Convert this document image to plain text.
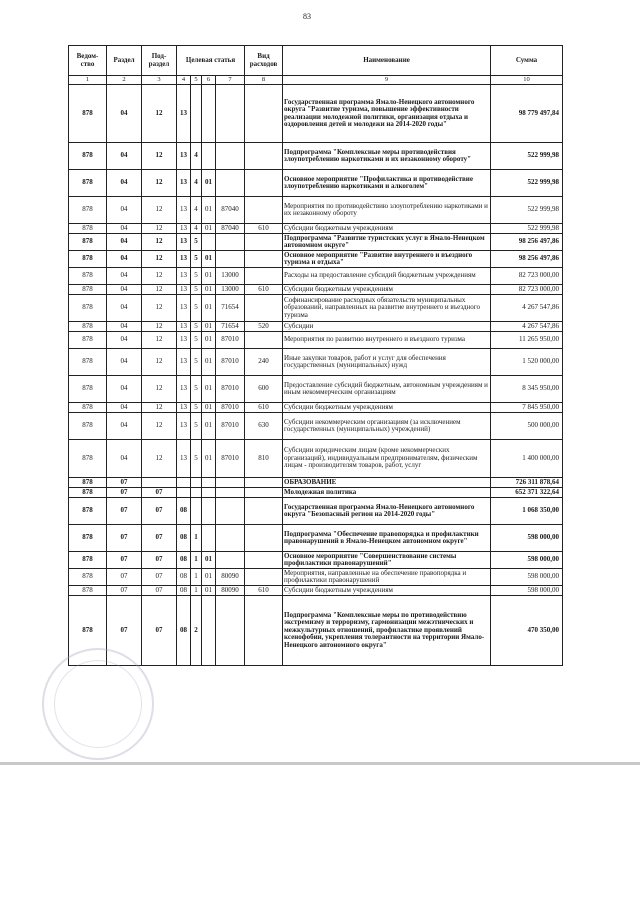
83
Ведом-ство	Раздел	Под-раздел	Целевая статья				Вид расходов	Наименование	Сумма
1	2	3	4	5	6	7	8	9	10
878	04	12	13					Государственная программа Ямало-Ненецкого автономного округа "Развитие туризма, повышение эффективности реализации молодежной политики, организация отдыха и оздоровления детей и молодежи на 2014-2020 годы"	98 779 497,84
878	04	12	13	4				Подпрограмма "Комплексные меры противодействия злоупотреблению наркотиками и их незаконному обороту"	522 999,98
878	04	12	13	4	01			Основное мероприятие "Профилактика и противодействие злоупотреблению наркотиками и алкоголем"	522 999,98
878	04	12	13	4	01	87040		Мероприятия по противодействию злоупотреблению наркотиками и их незаконному обороту	522 999,98
878	04	12	13	4	01	87040	610	Субсидии бюджетным учреждениям	522 999,98
878	04	12	13	5				Подпрограмма "Развитие туристских услуг в Ямало-Ненецком автономном округе"	98 256 497,86
878	04	12	13	5	01			Основное мероприятие "Развитие внутреннего и въездного туризма и отдыха"	98 256 497,86
878	04	12	13	5	01	13000		Расходы на предоставление субсидий бюджетным учреждениям	82 723 000,00
878	04	12	13	5	01	13000	610	Субсидии бюджетным учреждениям	82 723 000,00
878	04	12	13	5	01	71654		Софинансирование расходных обязательств муниципальных образований, направленных на развитие внутреннего и въездного туризма	4 267 547,86
878	04	12	13	5	01	71654	520	Субсидии	4 267 547,86
878	04	12	13	5	01	87010		Мероприятия по развитию внутреннего и въездного туризма	11 265 950,00
878	04	12	13	5	01	87010	240	Иные закупки товаров, работ и услуг для обеспечения государственных (муниципальных) нужд	1 520 000,00
878	04	12	13	5	01	87010	600	Предоставление субсидий бюджетным, автономным учреждениям и иным некоммерческим организациям	8 345 950,00
878	04	12	13	5	01	87010	610	Субсидии бюджетным учреждениям	7 845 950,00
878	04	12	13	5	01	87010	630	Субсидии некоммерческим организациям (за исключением государственных (муниципальных) учреждений)	500 000,00
878	04	12	13	5	01	87010	810	Субсидии юридическим лицам (кроме некоммерческих организаций), индивидуальным предпринимателям, физическим лицам - производителям товаров, работ, услуг	1 400 000,00
878	07							ОБРАЗОВАНИЕ	726 311 878,64
878	07	07						Молодежная политика	652 371 322,64
878	07	07	08					Государственная программа Ямало-Ненецкого автономного округа "Безопасный регион на 2014-2020 годы"	1 068 350,00
878	07	07	08	1				Подпрограмма "Обеспечение правопорядка и профилактики правонарушений в Ямало-Ненецком автономном округе"	598 000,00
878	07	07	08	1	01			Основное мероприятие "Совершенствование системы профилактики правонарушений"	598 000,00
878	07	07	08	1	01	80090		Мероприятия, направленные на обеспечение правопорядка и профилактики правонарушений	598 000,00
878	07	07	08	1	01	80090	610	Субсидии бюджетным учреждениям	598 000,00
878	07	07	08	2				Подпрограмма "Комплексные меры по противодействию экстремизму и терроризму, гармонизации межэтнических и межкультурных отношений, профилактике проявлений ксенофобии, укрепления толерантности на территории Ямало-Ненецкого автономного округа"	470 350,00
